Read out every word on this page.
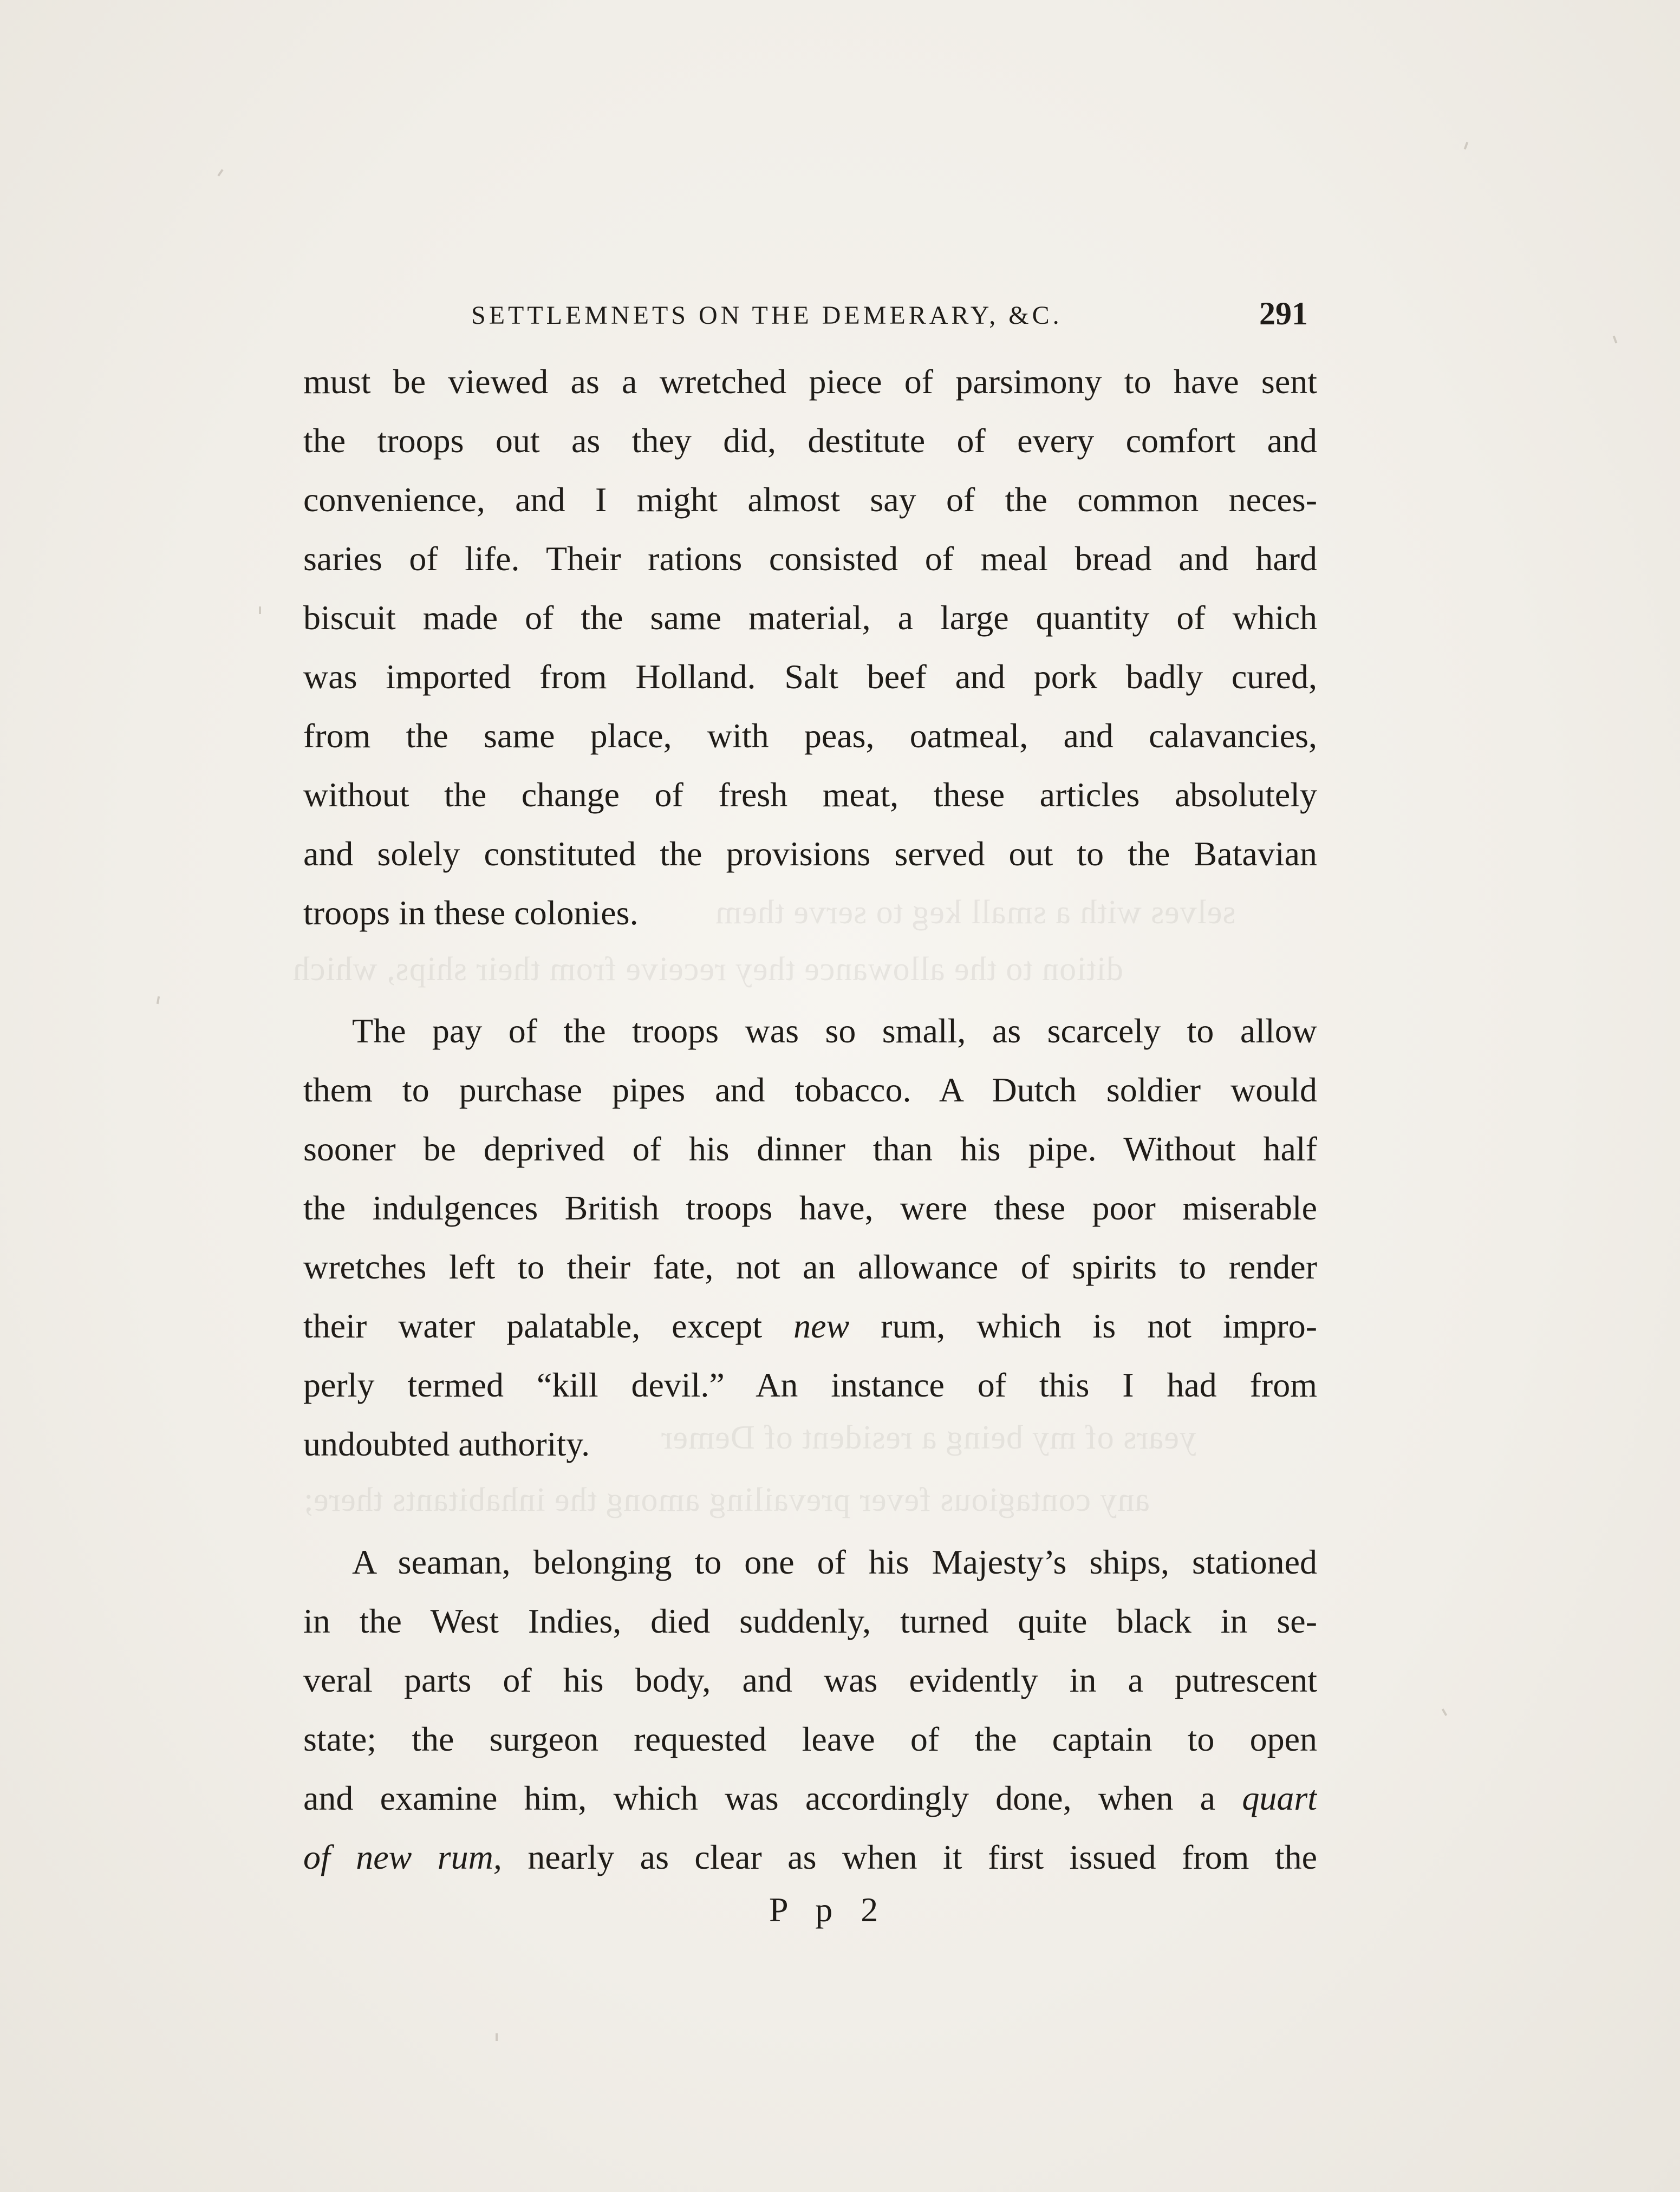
selves with a small keg to serve them
dition to the allowance they receive from their ships, which
years of my being a resident of Demer
any contagious fever prevailing among the inhabitants there;
SETTLEMNETS ON THE DEMERARY, &C.	291
must be viewed as a wretched piece of parsimony to have sent
the troops out as they did, destitute of every comfort and
convenience, and I might almost say of the common neces-
saries of life. Their rations consisted of meal bread and hard
biscuit made of the same material, a large quantity of which
was imported from Holland. Salt beef and pork badly cured,
from the same place, with peas, oatmeal, and calavancies,
without the change of fresh meat, these articles absolutely
and solely constituted the provisions served out to the Batavian
troops in these colonies.
The pay of the troops was so small, as scarcely to allow
them to purchase pipes and tobacco. A Dutch soldier would
sooner be deprived of his dinner than his pipe. Without half
the indulgences British troops have, were these poor miserable
wretches left to their fate, not an allowance of spirits to render
their water palatable, except new rum, which is not impro-
perly termed “kill devil.” An instance of this I had from
undoubted authority.
A seaman, belonging to one of his Majesty’s ships, stationed
in the West Indies, died suddenly, turned quite black in se-
veral parts of his body, and was evidently in a putrescent
state; the surgeon requested leave of the captain to open
and examine him, which was accordingly done, when a quart
of new rum, nearly as clear as when it first issued from the
P p 2
